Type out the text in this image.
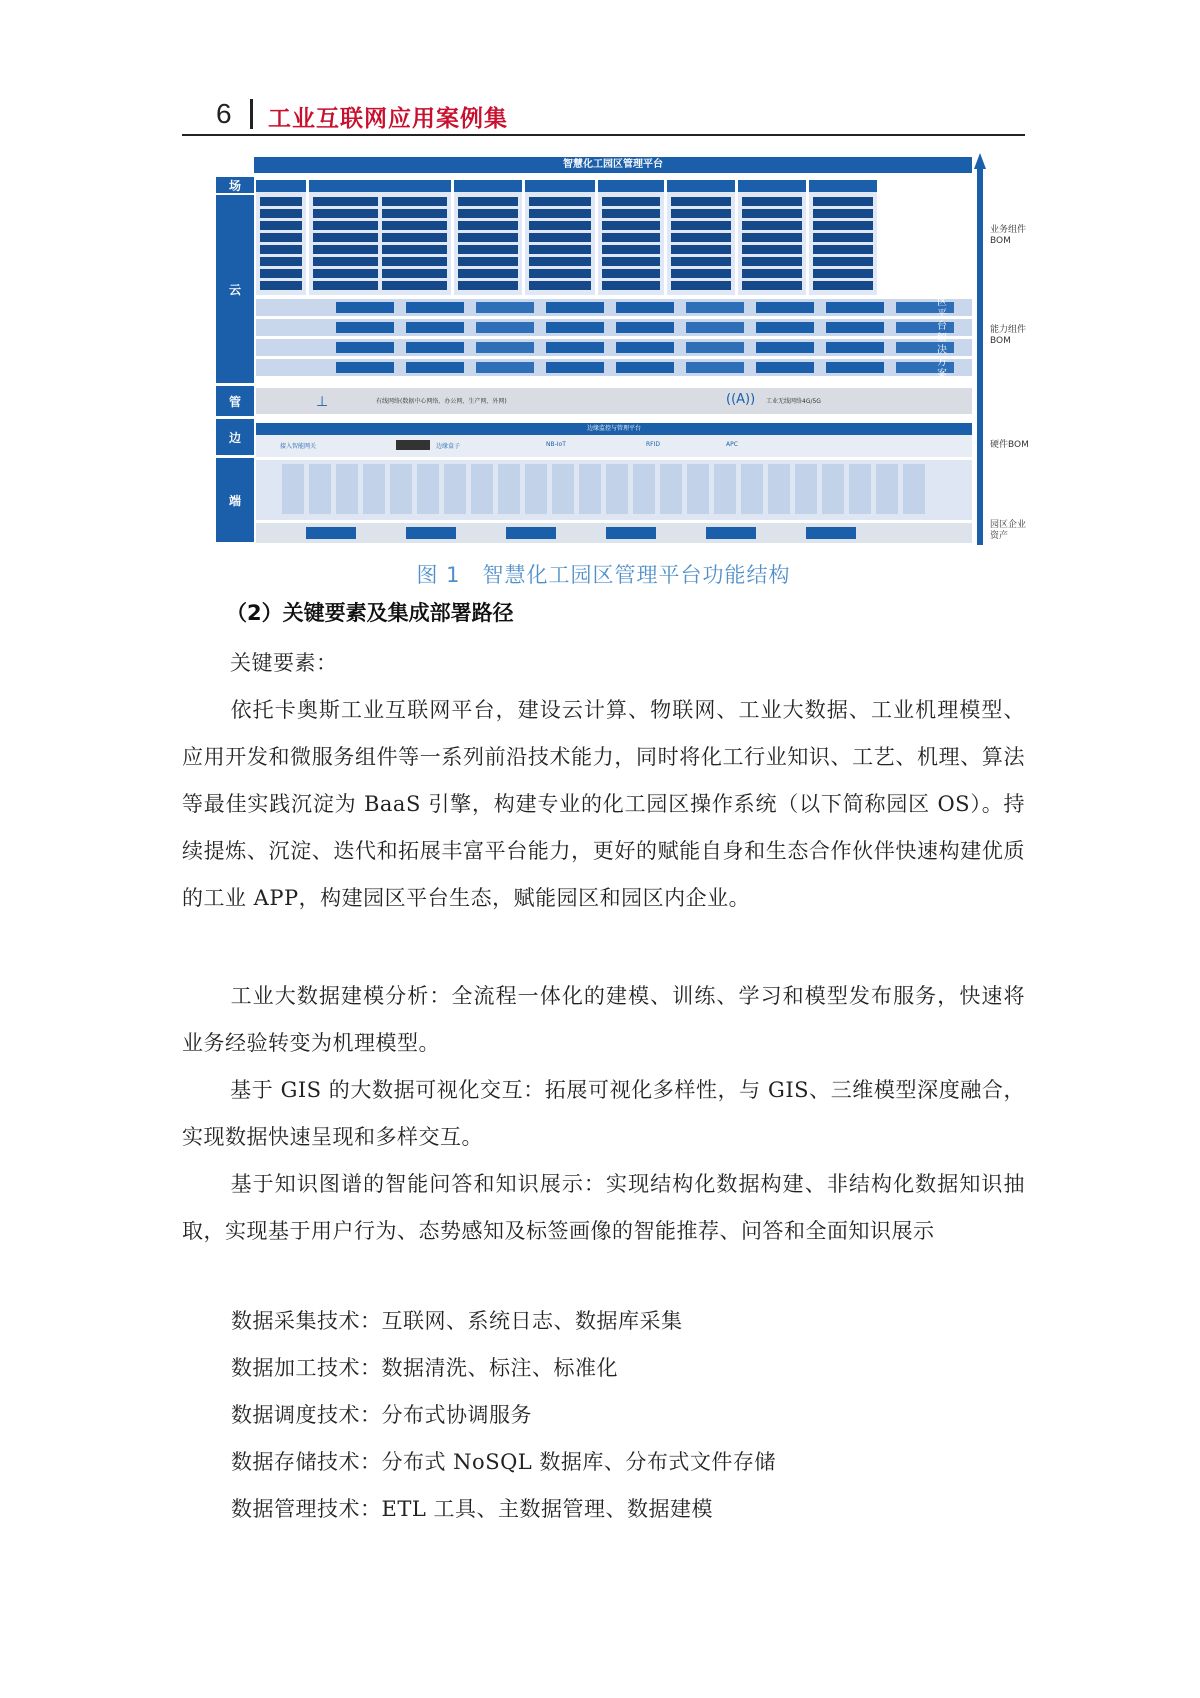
6 工业互联网应用案例集
智慧化工园区管理平台
场
云
管
边
端
⊥	有线网络(数据中心网络、办公网、生产网、外网)	((A)) 工业无线网络4G/5G
边缘监控与管理平台
接入智能网关	边缘盒子	NB-IoT	RFID	APC
业务组件BOM
能力组件BOM
硬件BOM
园区企业资产
园区平台解决方案
图 1　智慧化工园区管理平台功能结构
（2）关键要素及集成部署路径
关键要素：
依托卡奥斯工业互联网平台，建设云计算、物联网、工业大数据、工业机理模型、应用开发和微服务组件等一系列前沿技术能力，同时将化工行业知识、工艺、机理、算法等最佳实践沉淀为 BaaS 引擎，构建专业的化工园区操作系统（以下简称园区 OS）。持续提炼、沉淀、迭代和拓展丰富平台能力，更好的赋能自身和生态合作伙伴快速构建优质的工业 APP，构建园区平台生态，赋能园区和园区内企业。
工业大数据建模分析：全流程一体化的建模、训练、学习和模型发布服务，快速将业务经验转变为机理模型。
基于 GIS 的大数据可视化交互：拓展可视化多样性，与 GIS、三维模型深度融合，实现数据快速呈现和多样交互。
基于知识图谱的智能问答和知识展示：实现结构化数据构建、非结构化数据知识抽取，实现基于用户行为、态势感知及标签画像的智能推荐、问答和全面知识展示
数据采集技术：互联网、系统日志、数据库采集
数据加工技术：数据清洗、标注、标准化
数据调度技术：分布式协调服务
数据存储技术：分布式 NoSQL 数据库、分布式文件存储
数据管理技术：ETL 工具、主数据管理、数据建模
